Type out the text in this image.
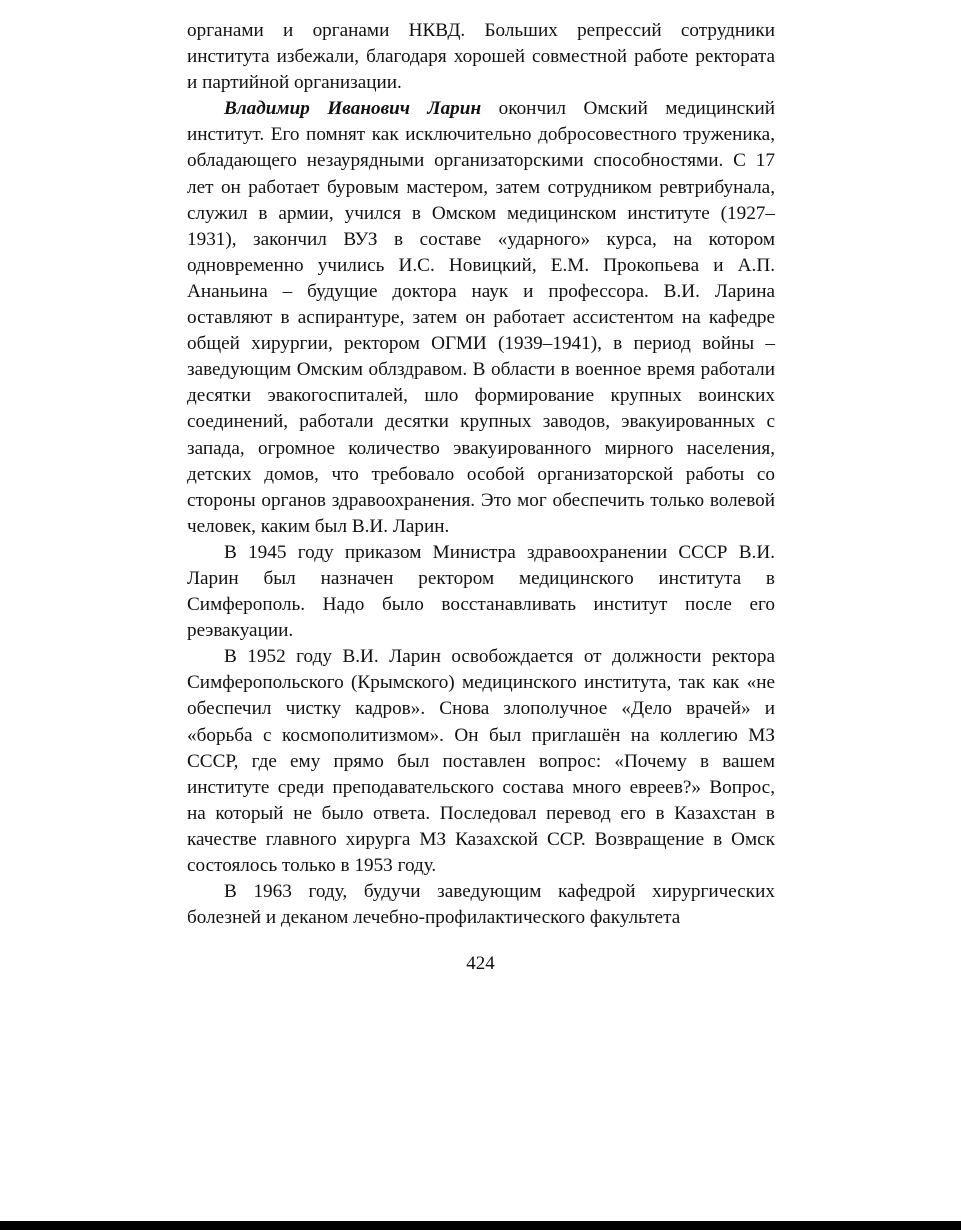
органами и органами НКВД. Больших репрессий сотрудники института избежали, благодаря хорошей совместной работе ректората и партийной организации.

Владимир Иванович Ларин окончил Омский медицинский институт. Его помнят как исключительно добросовестного труженика, обладающего незаурядными организаторскими способностями. С 17 лет он работает буровым мастером, затем сотрудником ревтрибунала, служил в армии, учился в Омском медицинском институте (1927–1931), закончил ВУЗ в составе «ударного» курса, на котором одновременно учились И.С. Новицкий, Е.М. Прокопьева и А.П. Ананьина – будущие доктора наук и профессора. В.И. Ларина оставляют в аспирантуре, затем он работает ассистентом на кафедре общей хирургии, ректором ОГМИ (1939–1941), в период войны – заведующим Омским облздравом. В области в военное время работали десятки эвакогоспиталей, шло формирование крупных воинских соединений, работали десятки крупных заводов, эвакуированных с запада, огромное количество эвакуированного мирного населения, детских домов, что требовало особой организаторской работы со стороны органов здравоохранения. Это мог обеспечить только волевой человек, каким был В.И. Ларин.

В 1945 году приказом Министра здравоохранении СССР В.И. Ларин был назначен ректором медицинского института в Симферополь. Надо было восстанавливать институт после его реэвакуации.

В 1952 году В.И. Ларин освобождается от должности ректора Симферопольского (Крымского) медицинского института, так как «не обеспечил чистку кадров». Снова злополучное «Дело врачей» и «борьба с космополитизмом». Он был приглашён на коллегию МЗ СССР, где ему прямо был поставлен вопрос: «Почему в вашем институте среди преподавательского состава много евреев?» Вопрос, на который не было ответа. Последовал перевод его в Казахстан в качестве главного хирурга МЗ Казахской ССР. Возвращение в Омск состоялось только в 1953 году.

В 1963 году, будучи заведующим кафедрой хирургических болезней и деканом лечебно-профилактического факультета

424
